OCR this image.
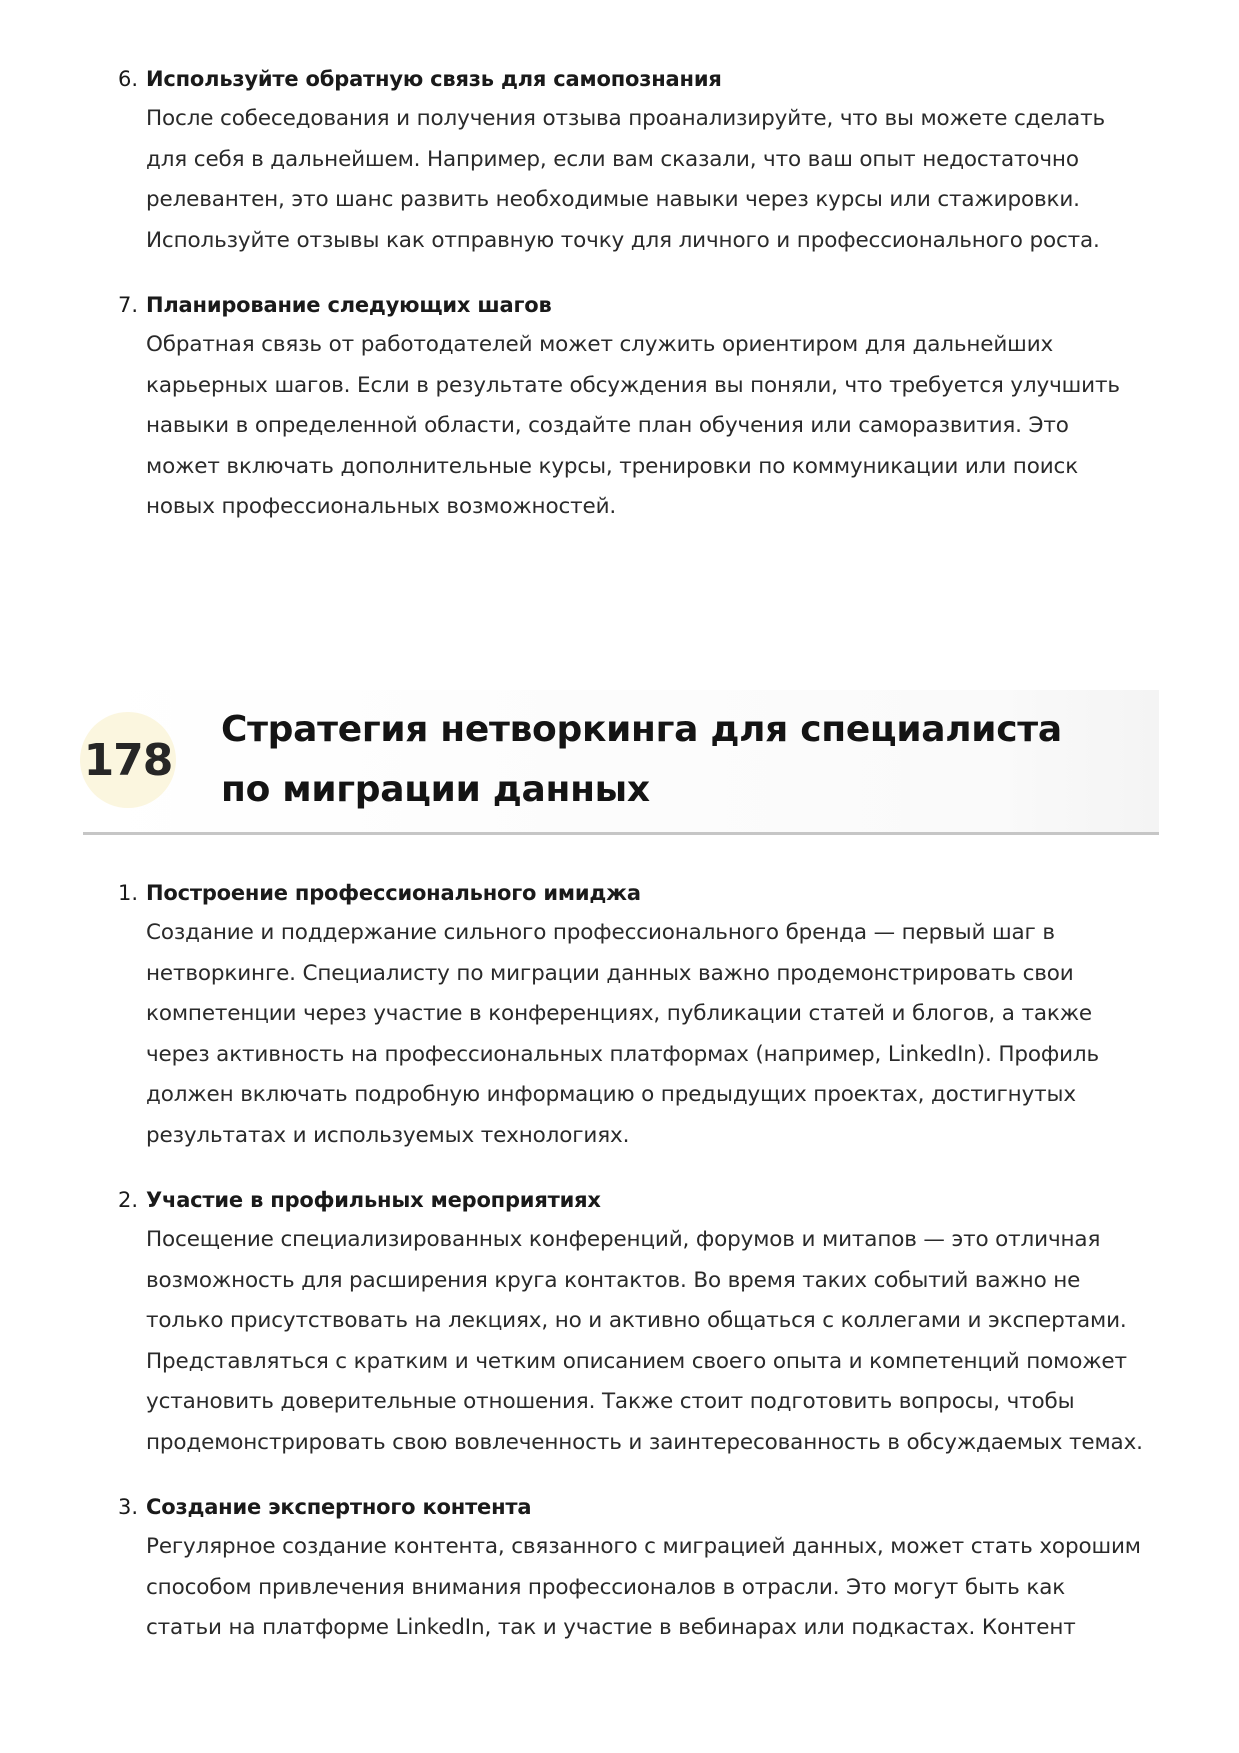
6. Используйте обратную связь для самопознания
После собеседования и получения отзыва проанализируйте, что вы можете сделать для себя в дальнейшем. Например, если вам сказали, что ваш опыт недостаточно релевантен, это шанс развить необходимые навыки через курсы или стажировки. Используйте отзывы как отправную точку для личного и профессионального роста.
7. Планирование следующих шагов
Обратная связь от работодателей может служить ориентиром для дальнейших карьерных шагов. Если в результате обсуждения вы поняли, что требуется улучшить навыки в определенной области, создайте план обучения или саморазвития. Это может включать дополнительные курсы, тренировки по коммуникации или поиск новых профессиональных возможностей.
178
Стратегия нетворкинга для специалиста по миграции данных
1. Построение профессионального имиджа
Создание и поддержание сильного профессионального бренда — первый шаг в нетворкинге. Специалисту по миграции данных важно продемонстрировать свои компетенции через участие в конференциях, публикации статей и блогов, а также через активность на профессиональных платформах (например, LinkedIn). Профиль должен включать подробную информацию о предыдущих проектах, достигнутых результатах и используемых технологиях.
2. Участие в профильных мероприятиях
Посещение специализированных конференций, форумов и митапов — это отличная возможность для расширения круга контактов. Во время таких событий важно не только присутствовать на лекциях, но и активно общаться с коллегами и экспертами. Представляться с кратким и четким описанием своего опыта и компетенций поможет установить доверительные отношения. Также стоит подготовить вопросы, чтобы продемонстрировать свою вовлеченность и заинтересованность в обсуждаемых темах.
3. Создание экспертного контента
Регулярное создание контента, связанного с миграцией данных, может стать хорошим способом привлечения внимания профессионалов в отрасли. Это могут быть как статьи на платформе LinkedIn, так и участие в вебинарах или подкастах. Контент
